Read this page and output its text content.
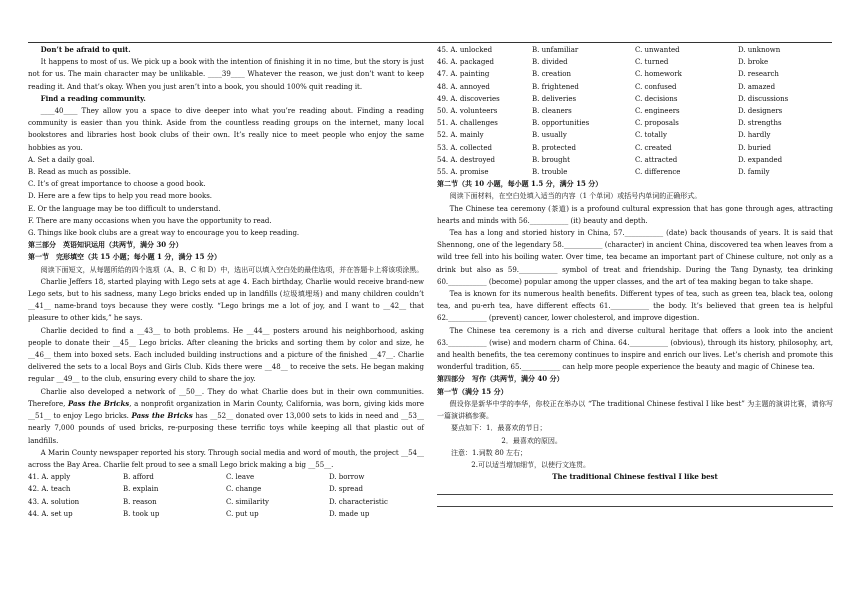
Don’t be afraid to quit.

It happens to most of us. We pick up a book with the intention of finishing it in no time, but the story is just not for us. The main character may be unlikable. ____39____ Whatever the reason, we just don’t want to keep reading it. And that’s okay. When you just aren’t into a book, you should 100% quit reading it.

Find a reading community.

____40____ They allow you a space to dive deeper into what you’re reading about. Finding a reading community is easier than you think. Aside from the countless reading groups on the internet, many local bookstores and libraries host book clubs of their own. It’s really nice to meet people who enjoy the same hobbies as you.

A. Set a daily goal.

B. Read as much as possible.

C. It’s of great importance to choose a good book.

D. Here are a few tips to help you read more books.

E. Or the language may be too difficult to understand.

F. There are many occasions when you have the opportunity to read.

G. Things like book clubs are a great way to encourage you to keep reading.

第三部分　英语知识运用（共两节，满分 30 分）

第一节　完形填空（共 15 小题；每小题 1 分，满分 15 分）

阅读下面短文，从每题所给的四个选项（A、B、C 和 D）中，选出可以填入空白处的最佳选项，并在答题卡上将该项涂黑。

Charlie Jeffers 18, started playing with Lego sets at age 4. Each birthday, Charlie would receive brand-new Lego sets, but to his sadness, many Lego bricks ended up in landfills (垃圾填埋场) and many children couldn’t __41__ name-brand toys because they were costly. “Lego brings me a lot of joy, and I want to __42__ that pleasure to other kids,” he says.

Charlie decided to find a __43__ to both problems. He __44__ posters around his neighborhood, asking people to donate their __45__ Lego bricks. After cleaning the bricks and sorting them by color and size, he __46__ them into boxed sets. Each included building instructions and a picture of the finished __47__. Charlie delivered the sets to a local Boys and Girls Club. Kids there were __48__ to receive the sets. He began making regular __49__ to the club, ensuring every child to share the joy.

Charlie also developed a network of __50__. They do what Charlie does but in their own communities. Therefore, Pass the Bricks, a nonprofit organization in Marin County, California, was born, giving kids more __51__ to enjoy Lego bricks. Pass the Bricks has __52__ donated over 13,000 sets to kids in need and __53__ nearly 7,000 pounds of used bricks, re-purposing these terrific toys while keeping all that plastic out of landfills.

A Marin County newspaper reported his story. Through social media and word of mouth, the project __54__ across the Bay Area. Charlie felt proud to see a small Lego brick making a big __55__.

41. A. apply	B. afford	C. leave	D. borrow
42. A. teach	B. explain	C. change	D. spread
43. A. solution	B. reason	C. similarity	D. characteristic
44. A. set up	B. took up	C. put up	D. made up
45. A. unlocked	B. unfamiliar	C. unwanted	D. unknown
46. A. packaged	B. divided	C. turned	D. broke
47. A. painting	B. creation	C. homework	D. research
48. A. annoyed	B. frightened	C. confused	D. amazed
49. A. discoveries	B. deliveries	C. decisions	D. discussions
50. A. volunteers	B. cleaners	C. engineers	D. designers
51. A. challenges	B. opportunities	C. proposals	D. strengths
52. A. mainly	B. usually	C. totally	D. hardly
53. A. collected	B. protected	C. created	D. buried
54. A. destroyed	B. brought	C. attracted	D. expanded
55. A. promise	B. trouble	C. difference	D. family

第二节（共 10 小题，每小题 1.5 分，满分 15 分）

阅读下面材料，在空白处填入适当的内容（1 个单词）或括号内单词的正确形式。

The Chinese tea ceremony (茶道) is a profound cultural expression that has gone through ages, attracting hearts and minds with 56.___________ (it) beauty and depth.

Tea has a long and storied history in China, 57.___________ (date) back thousands of years. It is said that Shennong, one of the legendary 58.___________ (character) in ancient China, discovered tea when leaves from a wild tree fell into his boiling water. Over time, tea became an important part of Chinese culture, not only as a drink but also as 59.___________ symbol of treat and friendship. During the Tang Dynasty, tea drinking 60.___________ (become) popular among the upper classes, and the art of tea making began to take shape.

Tea is known for its numerous health benefits. Different types of tea, such as green tea, black tea, oolong tea, and pu-erh tea, have different effects 61.___________ the body. It’s believed that green tea is helpful 62.___________ (prevent) cancer, lower cholesterol, and improve digestion.

The Chinese tea ceremony is a rich and diverse cultural heritage that offers a look into the ancient 63.___________ (wise) and modern charm of China. 64.___________ (obvious), through its history, philosophy, art, and health benefits, the tea ceremony continues to inspire and enrich our lives. Let’s cherish and promote this wonderful tradition, 65.___________ can help more people experience the beauty and magic of Chinese tea.

第四部分　写作（共两节，满分 40 分）

第一节（满分 15 分）

假设你是新华中学的李华，你校正在举办以 “The traditional Chinese festival I like best” 为主题的演讲比赛，请你写一篇演讲稿参赛。

要点如下：1．最喜欢的节日；

2．最喜欢的原因。

注意：1.词数 80 左右；

2.可以适当增加细节，以使行文连贯。

The traditional Chinese festival I like best
